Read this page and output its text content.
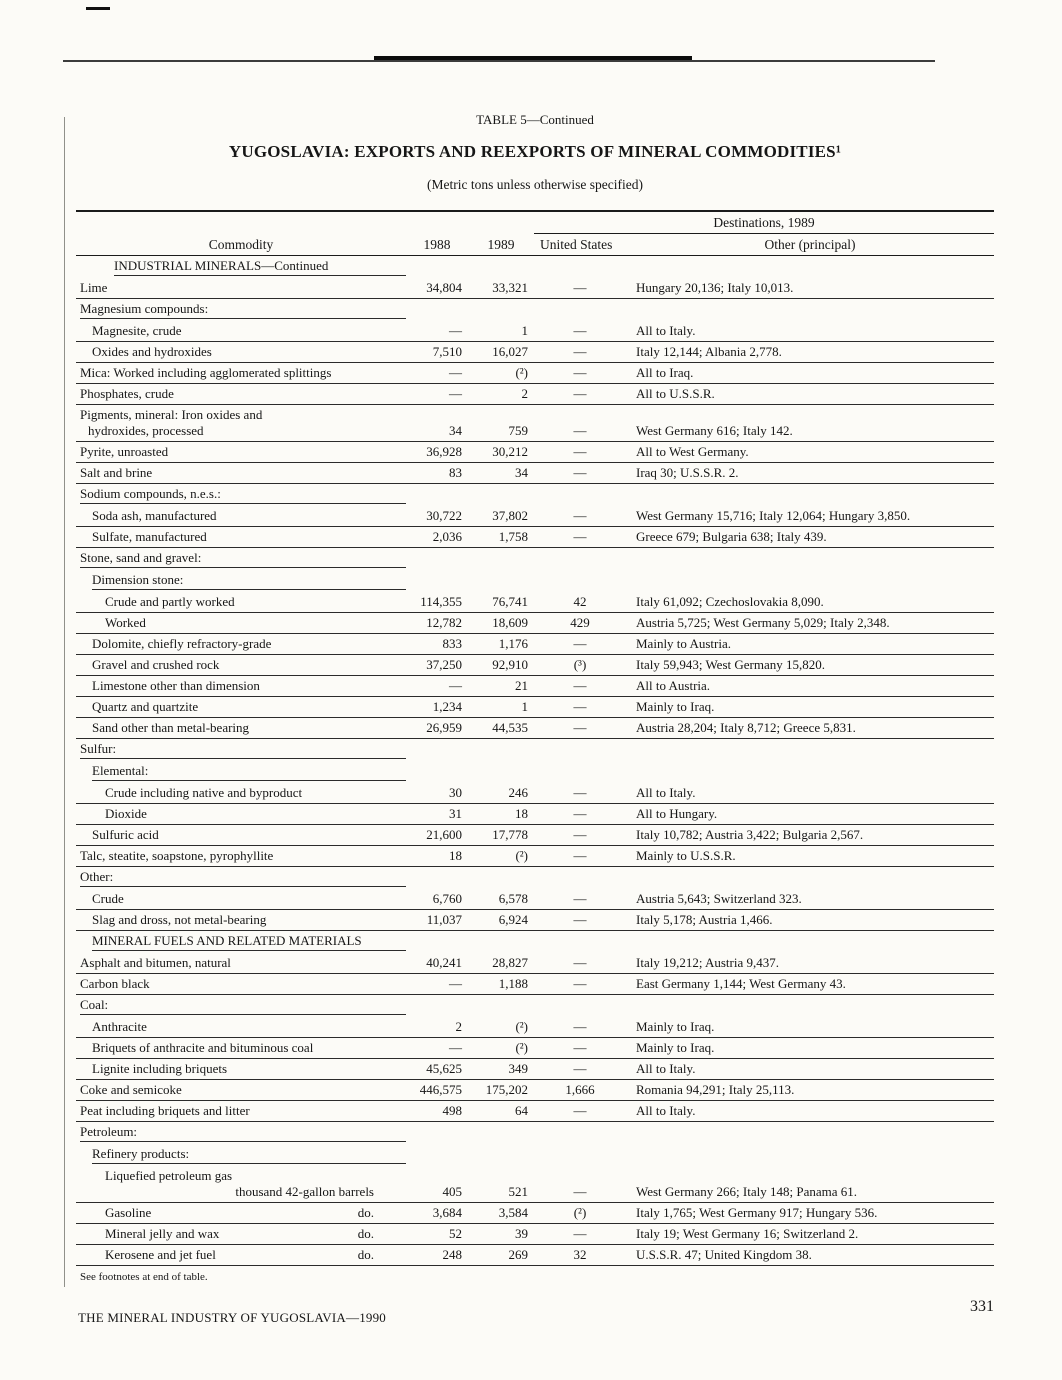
TABLE 5—Continued
YUGOSLAVIA: EXPORTS AND REEXPORTS OF MINERAL COMMODITIES¹
(Metric tons unless otherwise specified)
Commodity	1988	1989	Destinations, 1989	
			United States	Other (principal)

INDUSTRIAL MINERALS—Continued				

Lime	34,804	33,321	—	Hungary 20,136; Italy 10,013.

Magnesium compounds:				

Magnesite, crude	—	1	—	All to Italy.

Oxides and hydroxides	7,510	16,027	—	Italy 12,144; Albania 2,778.

Mica: Worked including agglomerated splittings	—	(²)	—	All to Iraq.

Phosphates, crude	—	2	—	All to U.S.S.R.

Pigments, mineral: Iron oxides and
hydroxides, processed	34	759	—	West Germany 616; Italy 142.

Pyrite, unroasted	36,928	30,212	—	All to West Germany.

Salt and brine	83	34	—	Iraq 30; U.S.S.R. 2.

Sodium compounds, n.e.s.:				

Soda ash, manufactured	30,722	37,802	—	West Germany 15,716; Italy 12,064; Hungary 3,850.

Sulfate, manufactured	2,036	1,758	—	Greece 679; Bulgaria 638; Italy 439.

Stone, sand and gravel:				

Dimension stone:				

Crude and partly worked	114,355	76,741	42	Italy 61,092; Czechoslovakia 8,090.

Worked	12,782	18,609	429	Austria 5,725; West Germany 5,029; Italy 2,348.

Dolomite, chiefly refractory-grade	833	1,176	—	Mainly to Austria.

Gravel and crushed rock	37,250	92,910	(³)	Italy 59,943; West Germany 15,820.

Limestone other than dimension	—	21	—	All to Austria.

Quartz and quartzite	1,234	1	—	Mainly to Iraq.

Sand other than metal-bearing	26,959	44,535	—	Austria 28,204; Italy 8,712; Greece 5,831.

Sulfur:				

Elemental:				

Crude including native and byproduct	30	246	—	All to Italy.

Dioxide	31	18	—	All to Hungary.

Sulfuric acid	21,600	17,778	—	Italy 10,782; Austria 3,422; Bulgaria 2,567.

Talc, steatite, soapstone, pyrophyllite	18	(²)	—	Mainly to U.S.S.R.

Other:				

Crude	6,760	6,578	—	Austria 5,643; Switzerland 323.

Slag and dross, not metal-bearing	11,037	6,924	—	Italy 5,178; Austria 1,466.

MINERAL FUELS AND RELATED MATERIALS				

Asphalt and bitumen, natural	40,241	28,827	—	Italy 19,212; Austria 9,437.

Carbon black	—	1,188	—	East Germany 1,144; West Germany 43.

Coal:				

Anthracite	2	(²)	—	Mainly to Iraq.

Briquets of anthracite and bituminous coal	—	(²)	—	Mainly to Iraq.

Lignite including briquets	45,625	349	—	All to Italy.

Coke and semicoke	446,575	175,202	1,666	Romania 94,291; Italy 25,113.

Peat including briquets and litter	498	64	—	All to Italy.

Petroleum:				

Refinery products:				

Liquefied petroleum gas
thousand 42-gallon barrels	405	521	—	West Germany 266; Italy 148; Panama 61.

Gasoline do.	3,684	3,584	(²)	Italy 1,765; West Germany 917; Hungary 536.

Mineral jelly and wax do.	52	39	—	Italy 19; West Germany 16; Switzerland 2.

Kerosene and jet fuel do.	248	269	32	U.S.S.R. 47; United Kingdom 38.
See footnotes at end of table.
THE MINERAL INDUSTRY OF YUGOSLAVIA—1990
331
